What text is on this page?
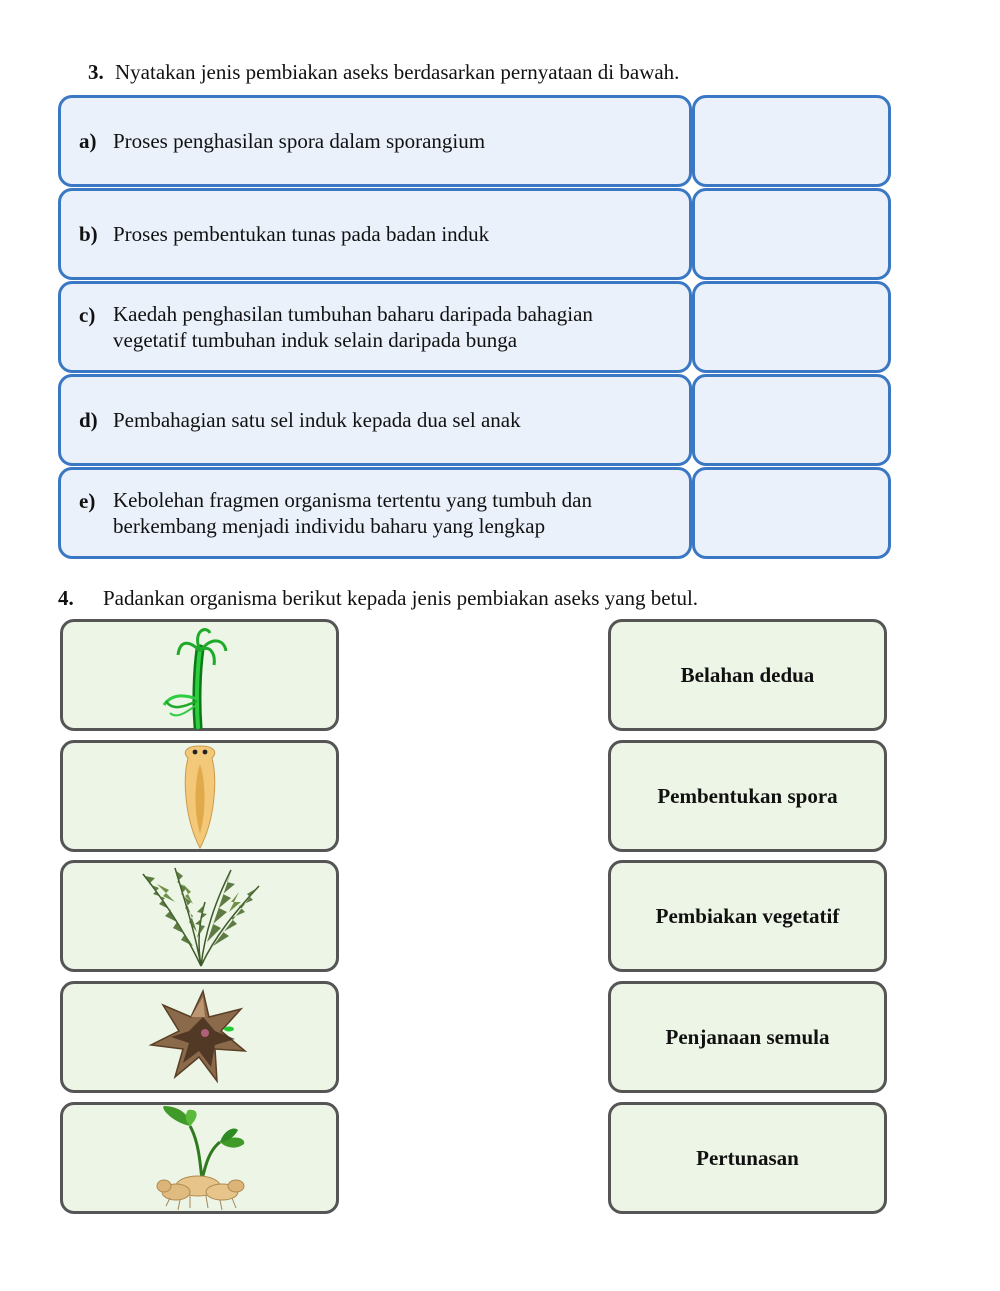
3. Nyatakan jenis pembiakan aseks berdasarkan pernyataan di bawah.
a) Proses penghasilan spora dalam sporangium
b) Proses pembentukan tunas pada badan induk
c) Kaedah penghasilan tumbuhan baharu daripada bahagian
vegetatif tumbuhan induk selain daripada bunga
d) Pembahagian satu sel induk kepada dua sel anak
e) Kebolehan fragmen organisma tertentu yang tumbuh dan
berkembang menjadi individu baharu yang lengkap
4. Padankan organisma berikut kepada jenis pembiakan aseks yang betul.
Belahan dedua
Pembentukan spora
Pembiakan vegetatif
Penjanaan semula
Pertunasan
